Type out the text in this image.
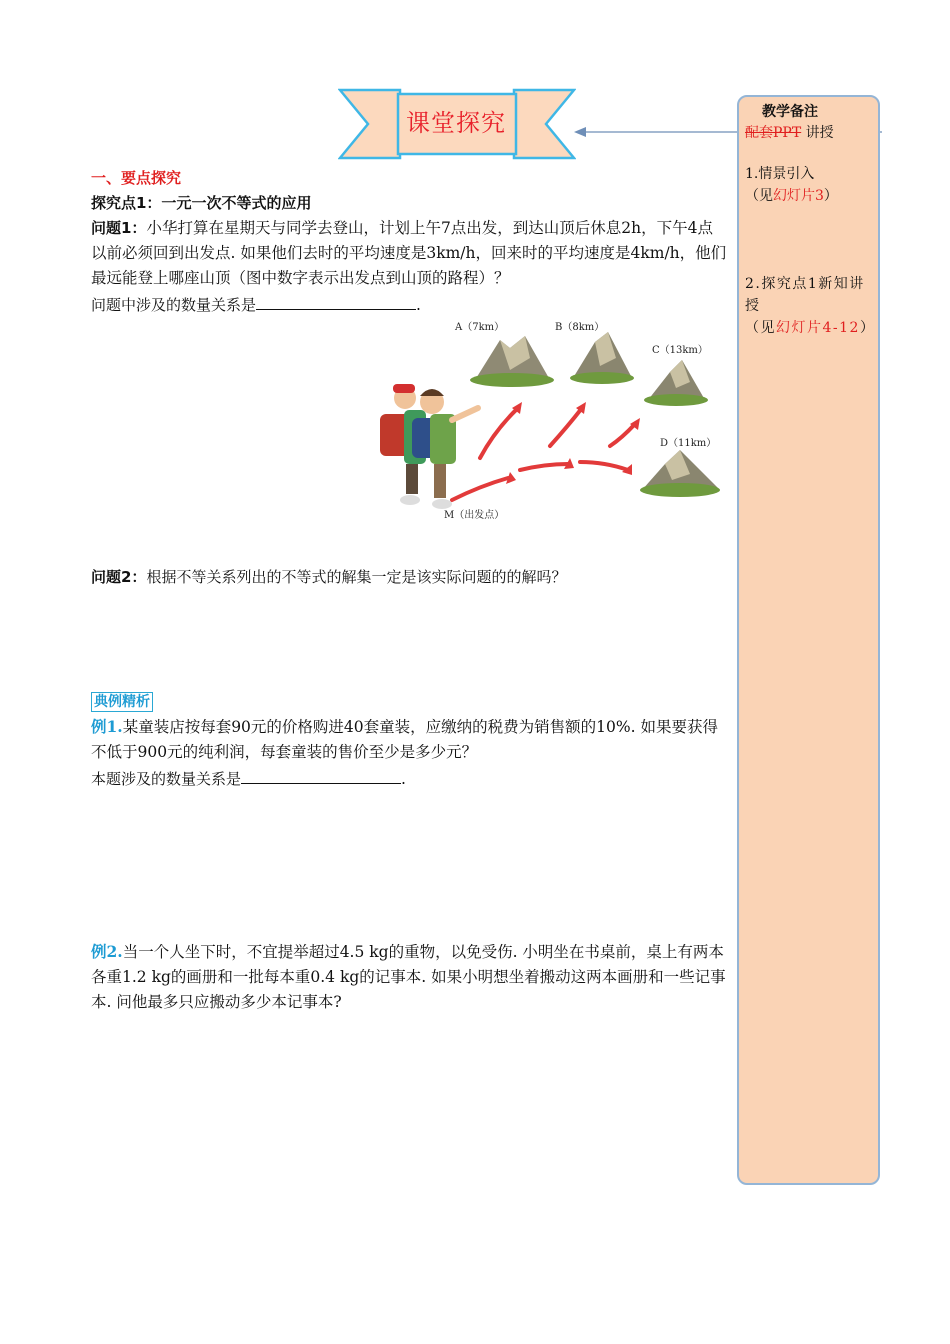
课堂探究	教学备注
配套PPT 讲授
1.情景引入
（见幻灯片3）
2.探究点1新知讲授
（见幻灯片4-12）
一、要点探究
探究点1：一元一次不等式的应用
问题1：小华打算在星期天与同学去登山，计划上午7点出发，到达山顶后休息2h，下午4点以前必须回到出发点. 如果他们去时的平均速度是3km/h，回来时的平均速度是4km/h，他们最远能登上哪座山顶（图中数字表示出发点到山顶的路程）？
问题中涉及的数量关系是	.
A（7km）	B（8km）
C（13km）
D（11km）
M（出发点）
问题2：根据不等关系列出的不等式的解集一定是该实际问题的的解吗？
典例精析
例1.某童装店按每套90元的价格购进40套童装，应缴纳的税费为销售额的10%. 如果要获得不低于900元的纯利润，每套童装的售价至少是多少元？
本题涉及的数量关系是	.
例2.当一个人坐下时，不宜提举超过4.5 kg的重物，以免受伤. 小明坐在书桌前，桌上有两本各重1.2 kg的画册和一批每本重0.4 kg的记事本. 如果小明想坐着搬动这两本画册和一些记事本. 问他最多只应搬动多少本记事本?
